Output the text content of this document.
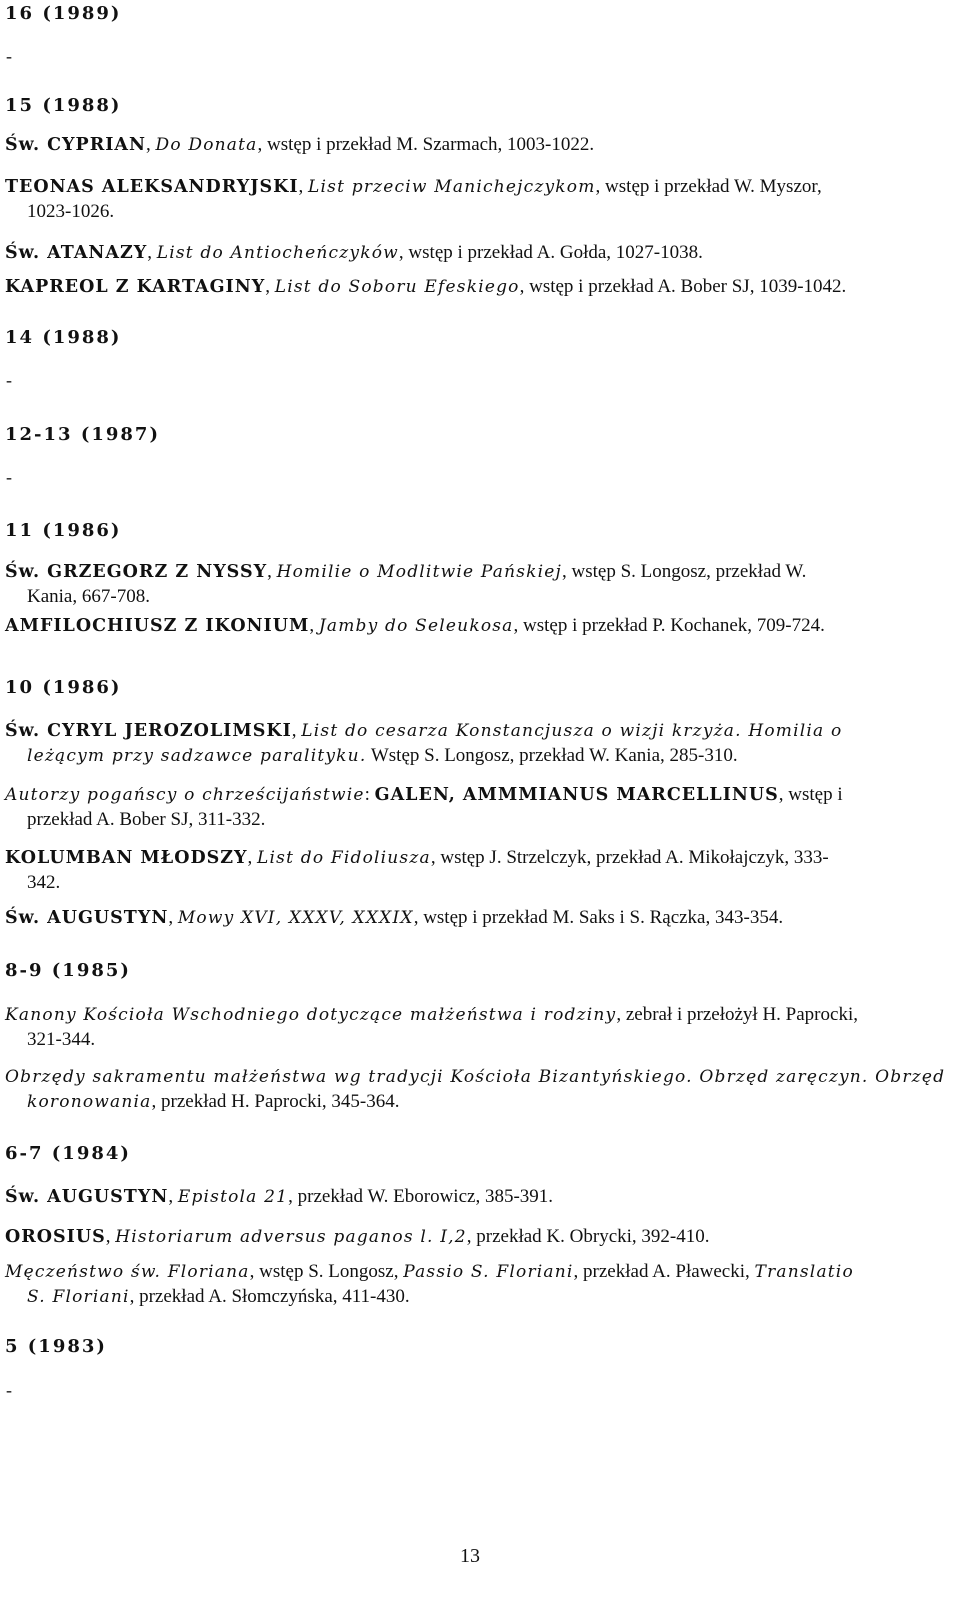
16 (1989)
-
15 (1988)
Św. CYPRIAN, Do Donata, wstęp i przekład M. Szarmach, 1003-1022.
TEONAS ALEKSANDRYJSKI, List przeciw Manichejczykom, wstęp i przekład W. Myszor,
1023-1026.
Św. ATANAZY, List do Antiocheńczyków, wstęp i przekład A. Gołda, 1027-1038.
KAPREOL Z KARTAGINY, List do Soboru Efeskiego, wstęp i przekład A. Bober SJ, 1039-1042.
14 (1988)
-
12-13 (1987)
-
11 (1986)
Św. GRZEGORZ Z NYSSY, Homilie o Modlitwie Pańskiej, wstęp S. Longosz, przekład W.
Kania, 667-708.
AMFILOCHIUSZ Z IKONIUM, Jamby do Seleukosa, wstęp i przekład P. Kochanek, 709-724.
10 (1986)
Św. CYRYL JEROZOLIMSKI, List do cesarza Konstancjusza o wizji krzyża. Homilia o
leżącym przy sadzawce paralityku. Wstęp S. Longosz, przekład W. Kania, 285-310.
Autorzy pogańscy o chrześcijaństwie: GALEN, AMMMIANUS MARCELLINUS, wstęp i
przekład A. Bober SJ, 311-332.
KOLUMBAN MŁODSZY, List do Fidoliusza, wstęp J. Strzelczyk, przekład A. Mikołajczyk, 333-
342.
Św. AUGUSTYN, Mowy XVI, XXXV, XXXIX, wstęp i przekład M. Saks i S. Rączka, 343-354.
8-9 (1985)
Kanony Kościoła Wschodniego dotyczące małżeństwa i rodziny, zebrał i przełożył H. Paprocki,
321-344.
Obrzędy sakramentu małżeństwa wg tradycji Kościoła Bizantyńskiego. Obrzęd zaręczyn. Obrzęd
koronowania, przekład H. Paprocki, 345-364.
6-7 (1984)
Św. AUGUSTYN, Epistola 21, przekład W. Eborowicz, 385-391.
OROSIUS, Historiarum adversus paganos l. I,2, przekład K. Obrycki, 392-410.
Męczeństwo św. Floriana, wstęp S. Longosz, Passio S. Floriani, przekład A. Pławecki, Translatio
S. Floriani, przekład A. Słomczyńska, 411-430.
5 (1983)
-
13
